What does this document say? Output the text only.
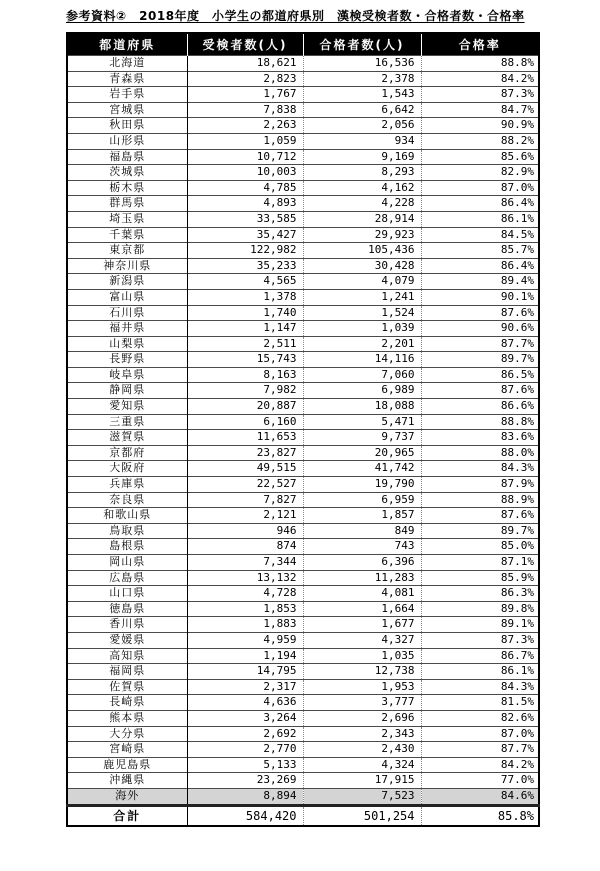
参考資料②　2018年度　小学生の都道府県別　漢検受検者数・合格者数・合格率
都道府県	受検者数(人)	合格者数(人)	合格率
北海道	18,621	16,536	88.8%
青森県	2,823	2,378	84.2%
岩手県	1,767	1,543	87.3%
宮城県	7,838	6,642	84.7%
秋田県	2,263	2,056	90.9%
山形県	1,059	934	88.2%
福島県	10,712	9,169	85.6%
茨城県	10,003	8,293	82.9%
栃木県	4,785	4,162	87.0%
群馬県	4,893	4,228	86.4%
埼玉県	33,585	28,914	86.1%
千葉県	35,427	29,923	84.5%
東京都	122,982	105,436	85.7%
神奈川県	35,233	30,428	86.4%
新潟県	4,565	4,079	89.4%
富山県	1,378	1,241	90.1%
石川県	1,740	1,524	87.6%
福井県	1,147	1,039	90.6%
山梨県	2,511	2,201	87.7%
長野県	15,743	14,116	89.7%
岐阜県	8,163	7,060	86.5%
静岡県	7,982	6,989	87.6%
愛知県	20,887	18,088	86.6%
三重県	6,160	5,471	88.8%
滋賀県	11,653	9,737	83.6%
京都府	23,827	20,965	88.0%
大阪府	49,515	41,742	84.3%
兵庫県	22,527	19,790	87.9%
奈良県	7,827	6,959	88.9%
和歌山県	2,121	1,857	87.6%
鳥取県	946	849	89.7%
島根県	874	743	85.0%
岡山県	7,344	6,396	87.1%
広島県	13,132	11,283	85.9%
山口県	4,728	4,081	86.3%
徳島県	1,853	1,664	89.8%
香川県	1,883	1,677	89.1%
愛媛県	4,959	4,327	87.3%
高知県	1,194	1,035	86.7%
福岡県	14,795	12,738	86.1%
佐賀県	2,317	1,953	84.3%
長崎県	4,636	3,777	81.5%
熊本県	3,264	2,696	82.6%
大分県	2,692	2,343	87.0%
宮崎県	2,770	2,430	87.7%
鹿児島県	5,133	4,324	84.2%
沖縄県	23,269	17,915	77.0%
海外	8,894	7,523	84.6%
合計	584,420	501,254	85.8%
